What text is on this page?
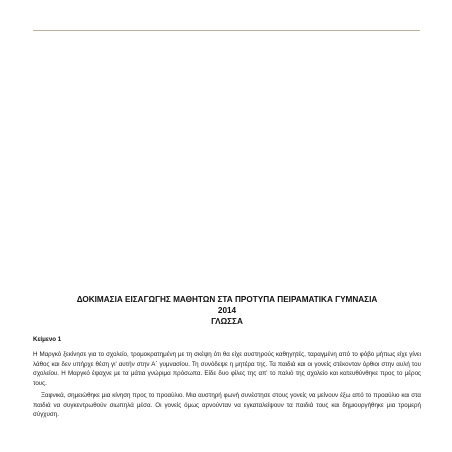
ΔΟΚΙΜΑΣΙΑ ΕΙΣΑΓΩΓΗΣ ΜΑΘΗΤΩΝ ΣΤΑ ΠΡΟΤΥΠΑ ΠΕΙΡΑΜΑΤΙΚΑ ΓΥΜΝΑΣΙΑ
2014
ΓΛΩΣΣΑ
Κείμενο 1

Η Μαργκό ξεκίνησε για το σχολείο, τρομοκρατημένη με τη σκέψη ότι θα είχε αυστηρούς καθηγητές, ταραγμένη από το φόβο μήπως είχε γίνει λάθος και δεν υπήρχε θέση γι' αυτήν στην Α΄ γυμνασίου. Τη συνόδεψε η μητέρα της. Τα παιδιά και οι γονείς στέκονταν όρθιοι στην αυλή του σχολείου. Η Μαργκό έψαχνε με τα μάτια γνώριμα πρόσωπα. Είδε δυο φίλες της απ' το παλιό της σχολείο και κατευθύνθηκε προς το μέρος τους.

Ξαφνικά, σημειώθηκε μια κίνηση προς το προαύλιο. Μια αυστηρή φωνή συνέστησε στους γονείς να μείνουν έξω από το προαύλιο και στα παιδιά να συγκεντρωθούν σιωπηλά μέσα. Οι γονείς όμως αρνούνταν να εγκαταλείψουν τα παιδιά τους και δημιουργήθηκε μια τρομερή σύγχυση.
